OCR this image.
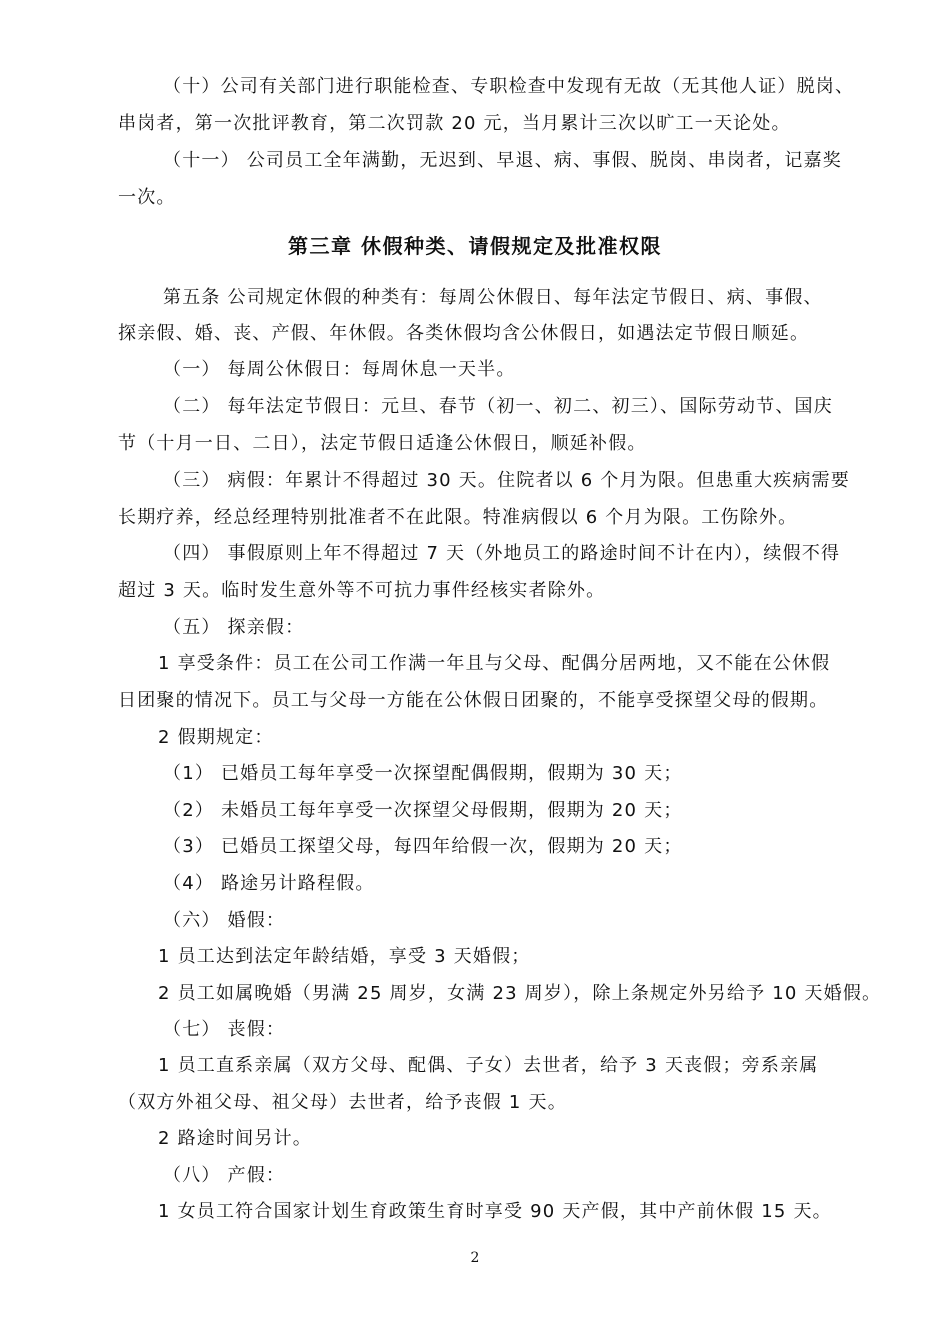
（十）公司有关部门进行职能检查、专职检查中发现有无故（无其他人证）脱岗、
串岗者，第一次批评教育，第二次罚款 20 元，当月累计三次以旷工一天论处。
（十一） 公司员工全年满勤，无迟到、早退、病、事假、脱岗、串岗者，记嘉奖
一次。
第三章 休假种类、请假规定及批准权限
第五条 公司规定休假的种类有：每周公休假日、每年法定节假日、病、事假、
探亲假、婚、丧、产假、年休假。各类休假均含公休假日，如遇法定节假日顺延。
（一） 每周公休假日：每周休息一天半。
（二） 每年法定节假日：元旦、春节（初一、初二、初三）、国际劳动节、国庆
节（十月一日、二日），法定节假日适逢公休假日，顺延补假。
（三） 病假：年累计不得超过 30 天。住院者以 6 个月为限。但患重大疾病需要
长期疗养，经总经理特别批准者不在此限。特准病假以 6 个月为限。工伤除外。
（四） 事假原则上年不得超过 7 天（外地员工的路途时间不计在内），续假不得
超过 3 天。临时发生意外等不可抗力事件经核实者除外。
（五） 探亲假：
1 享受条件：员工在公司工作满一年且与父母、配偶分居两地，又不能在公休假
日团聚的情况下。员工与父母一方能在公休假日团聚的，不能享受探望父母的假期。
2 假期规定：
（1） 已婚员工每年享受一次探望配偶假期，假期为 30 天；
（2） 未婚员工每年享受一次探望父母假期，假期为 20 天；
（3） 已婚员工探望父母，每四年给假一次，假期为 20 天；
（4） 路途另计路程假。
（六） 婚假：
1 员工达到法定年龄结婚，享受 3 天婚假；
2 员工如属晚婚（男满 25 周岁，女满 23 周岁），除上条规定外另给予 10 天婚假。
（七） 丧假：
1 员工直系亲属（双方父母、配偶、子女）去世者，给予 3 天丧假；旁系亲属
（双方外祖父母、祖父母）去世者，给予丧假 1 天。
2 路途时间另计。
（八） 产假：
1 女员工符合国家计划生育政策生育时享受 90 天产假，其中产前休假 15 天。
2
